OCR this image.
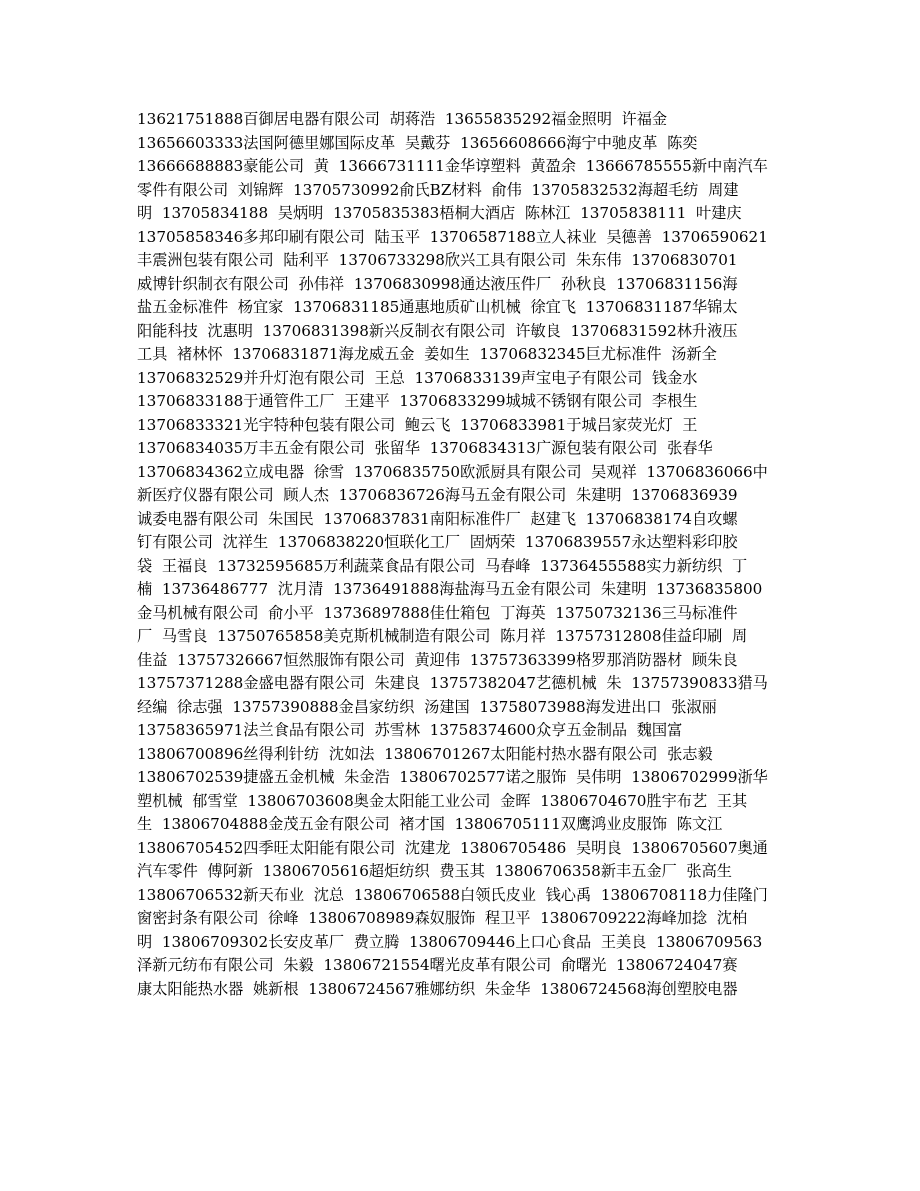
13621751888百御居电器有限公司  胡蒋浩  13655835292福金照明  许福金
13656603333法国阿德里娜国际皮革  吴戴芬  13656608666海宁中驰皮革  陈奕
13666688883豪能公司  黄  13666731111金华谆塑料  黄盈余  13666785555新中南汽车
零件有限公司  刘锦辉  13705730992俞氏BZ材料  俞伟  13705832532海超毛纺  周建
明  13705834188  吴炳明  13705835383梧桐大酒店  陈林江  13705838111  叶建庆
13705858346多邦印刷有限公司  陆玉平  13706587188立人袜业  吴德善  13706590621
丰震洲包装有限公司  陆利平  13706733298欣兴工具有限公司  朱东伟  13706830701
威博针织制衣有限公司  孙伟祥  13706830998通达液压件厂  孙秋良  13706831156海
盐五金标准件  杨宜家  13706831185通惠地质矿山机械  徐宜飞  13706831187华锦太
阳能科技  沈惠明  13706831398新兴反制衣有限公司  许敏良  13706831592林升液压
工具  褚林怀  13706831871海龙威五金  姜如生  13706832345巨尤标准件  汤新全
13706832529并升灯泡有限公司  王总  13706833139声宝电子有限公司  钱金水
13706833188于通管件工厂  王建平  13706833299城城不锈钢有限公司  李根生
13706833321光宇特种包装有限公司  鲍云飞  13706833981于城吕家荧光灯  王
13706834035万丰五金有限公司  张留华  13706834313广源包装有限公司  张春华
13706834362立成电器  徐雪  13706835750欧派厨具有限公司  吴观祥  13706836066中
新医疗仪器有限公司  顾人杰  13706836726海马五金有限公司  朱建明  13706836939
诚委电器有限公司  朱国民  13706837831南阳标准件厂  赵建飞  13706838174自攻螺
钉有限公司  沈祥生  13706838220恒联化工厂  固炳荣  13706839557永达塑料彩印胶
袋  王福良  13732595685万利蔬菜食品有限公司  马春峰  13736455588实力新纺织  丁
楠  13736486777  沈月清  13736491888海盐海马五金有限公司  朱建明  13736835800
金马机械有限公司  俞小平  13736897888佳仕箱包  丁海英  13750732136三马标准件
厂  马雪良  13750765858美克斯机械制造有限公司  陈月祥  13757312808佳益印刷  周
佳益  13757326667恒然服饰有限公司  黄迎伟  13757363399格罗那消防器材  顾朱良
13757371288金盛电器有限公司  朱建良  13757382047艺德机械  朱  13757390833猎马
经编  徐志强  13757390888金昌家纺织  汤建国  13758073988海发进出口  张淑丽
13758365971法兰食品有限公司  苏雪林  13758374600众亨五金制品  魏国富
13806700896丝得利针纺  沈如法  13806701267太阳能村热水器有限公司  张志毅
13806702539捷盛五金机械  朱金浩  13806702577诺之服饰  吴伟明  13806702999浙华
塑机械  郁雪堂  13806703608奥金太阳能工业公司  金晖  13806704670胜宇布艺  王其
生  13806704888金茂五金有限公司  褚才国  13806705111双鹰鸿业皮服饰  陈文江
13806705452四季旺太阳能有限公司  沈建龙  13806705486  吴明良  13806705607奥通
汽车零件  傅阿新  13806705616超炬纺织  费玉其  13806706358新丰五金厂  张高生
13806706532新天布业  沈总  13806706588白领氏皮业  钱心禹  13806708118力佳隆门
窗密封条有限公司  徐峰  13806708989森奴服饰  程卫平  13806709222海峰加捻  沈柏
明  13806709302长安皮革厂  费立腾  13806709446上口心食品  王美良  13806709563
泽新元纺布有限公司  朱毅  13806721554曙光皮革有限公司  俞曙光  13806724047赛
康太阳能热水器  姚新根  13806724567雅娜纺织  朱金华  13806724568海创塑胶电器
